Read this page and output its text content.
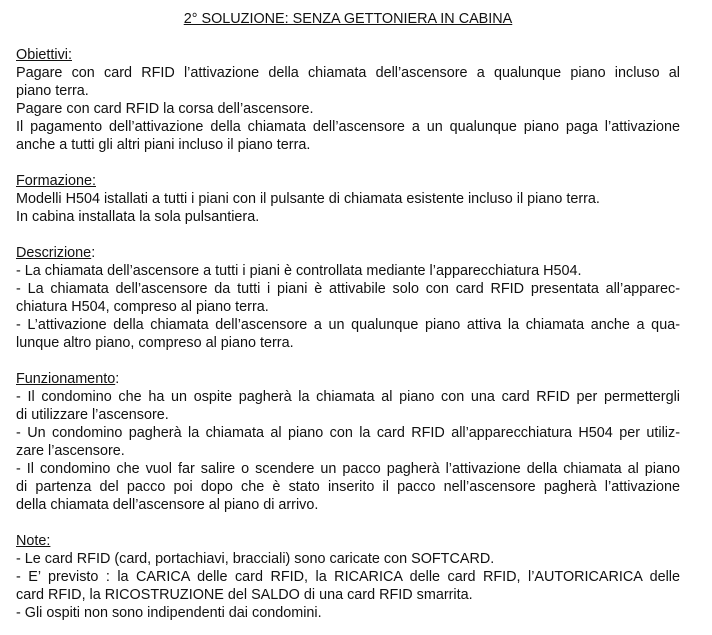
2° SOLUZIONE: SENZA GETTONIERA IN CABINA
Obiettivi:
Pagare con card RFID l’attivazione della chiamata dell’ascensore a qualunque piano incluso al
piano terra.
Pagare con card RFID la corsa dell’ascensore.
Il pagamento dell’attivazione della chiamata dell’ascensore a un qualunque piano paga l’attivazione
anche a tutti gli altri piani incluso il piano terra.
Formazione:
Modelli H504 istallati a tutti i piani con il pulsante di chiamata esistente incluso il piano terra.
In cabina installata la sola pulsantiera.
Descrizione:
- La chiamata dell’ascensore a tutti i piani è controllata mediante l’apparecchiatura H504.
- La chiamata dell’ascensore da tutti i piani è attivabile solo con card RFID presentata all’apparec-
chiatura H504, compreso al piano terra.
- L’attivazione della chiamata dell’ascensore a un qualunque piano attiva la chiamata anche a qua-
lunque altro piano, compreso al piano terra.
Funzionamento:
- Il condomino che ha un ospite pagherà la chiamata al piano con una card RFID per permettergli
di utilizzare l’ascensore.
- Un condomino pagherà la chiamata al piano con la card RFID all’apparecchiatura H504 per utiliz-
zare l’ascensore.
- Il condomino che vuol far salire o scendere un pacco pagherà l’attivazione della chiamata al piano
di partenza del pacco poi dopo che è stato inserito il pacco nell’ascensore pagherà l’attivazione
della chiamata dell’ascensore al piano di arrivo.
Note:
- Le card RFID (card, portachiavi, bracciali) sono caricate con SOFTCARD.
- E’ previsto : la CARICA delle card RFID, la RICARICA delle card RFID, l’AUTORICARICA delle
card RFID, la RICOSTRUZIONE del SALDO di una card RFID smarrita.
- Gli ospiti non sono indipendenti dai condomini.
